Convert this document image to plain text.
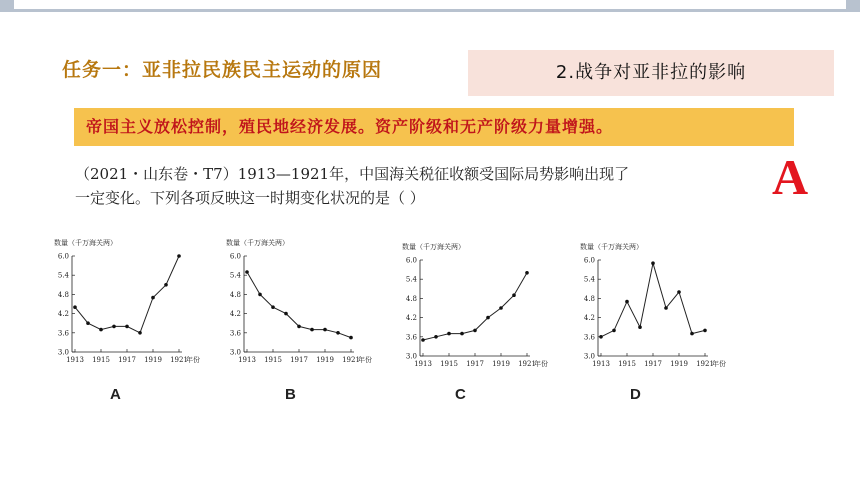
任务一：亚非拉民族民主运动的原因	2.战争对亚非拉的影响
帝国主义放松控制，殖民地经济发展。资产阶级和无产阶级力量增强。
（2021・山东卷・T7）1913—1921年，中国海关税征收额受国际局势影响出现了
一定变化。下列各项反映这一时期变化状况的是（ ）	A
数量（千万海关两）
3.0
3.6
4.2
4.8
5.4
6.0
1913 1915 1917 1919 1921
年份
数量（千万海关两）
3.0
3.6
4.2
4.8
5.4
6.0
1913 1915 1917 1919 1921
年份
数量（千万海关两）
3.0
3.6
4.2
4.8
5.4
6.0
1913 1915 1917 1919 1921
年份
数量（千万海关两）
3.0
3.6
4.2
4.8
5.4
6.0
1913 1915 1917 1919 1921
年份
A	B	C	D
